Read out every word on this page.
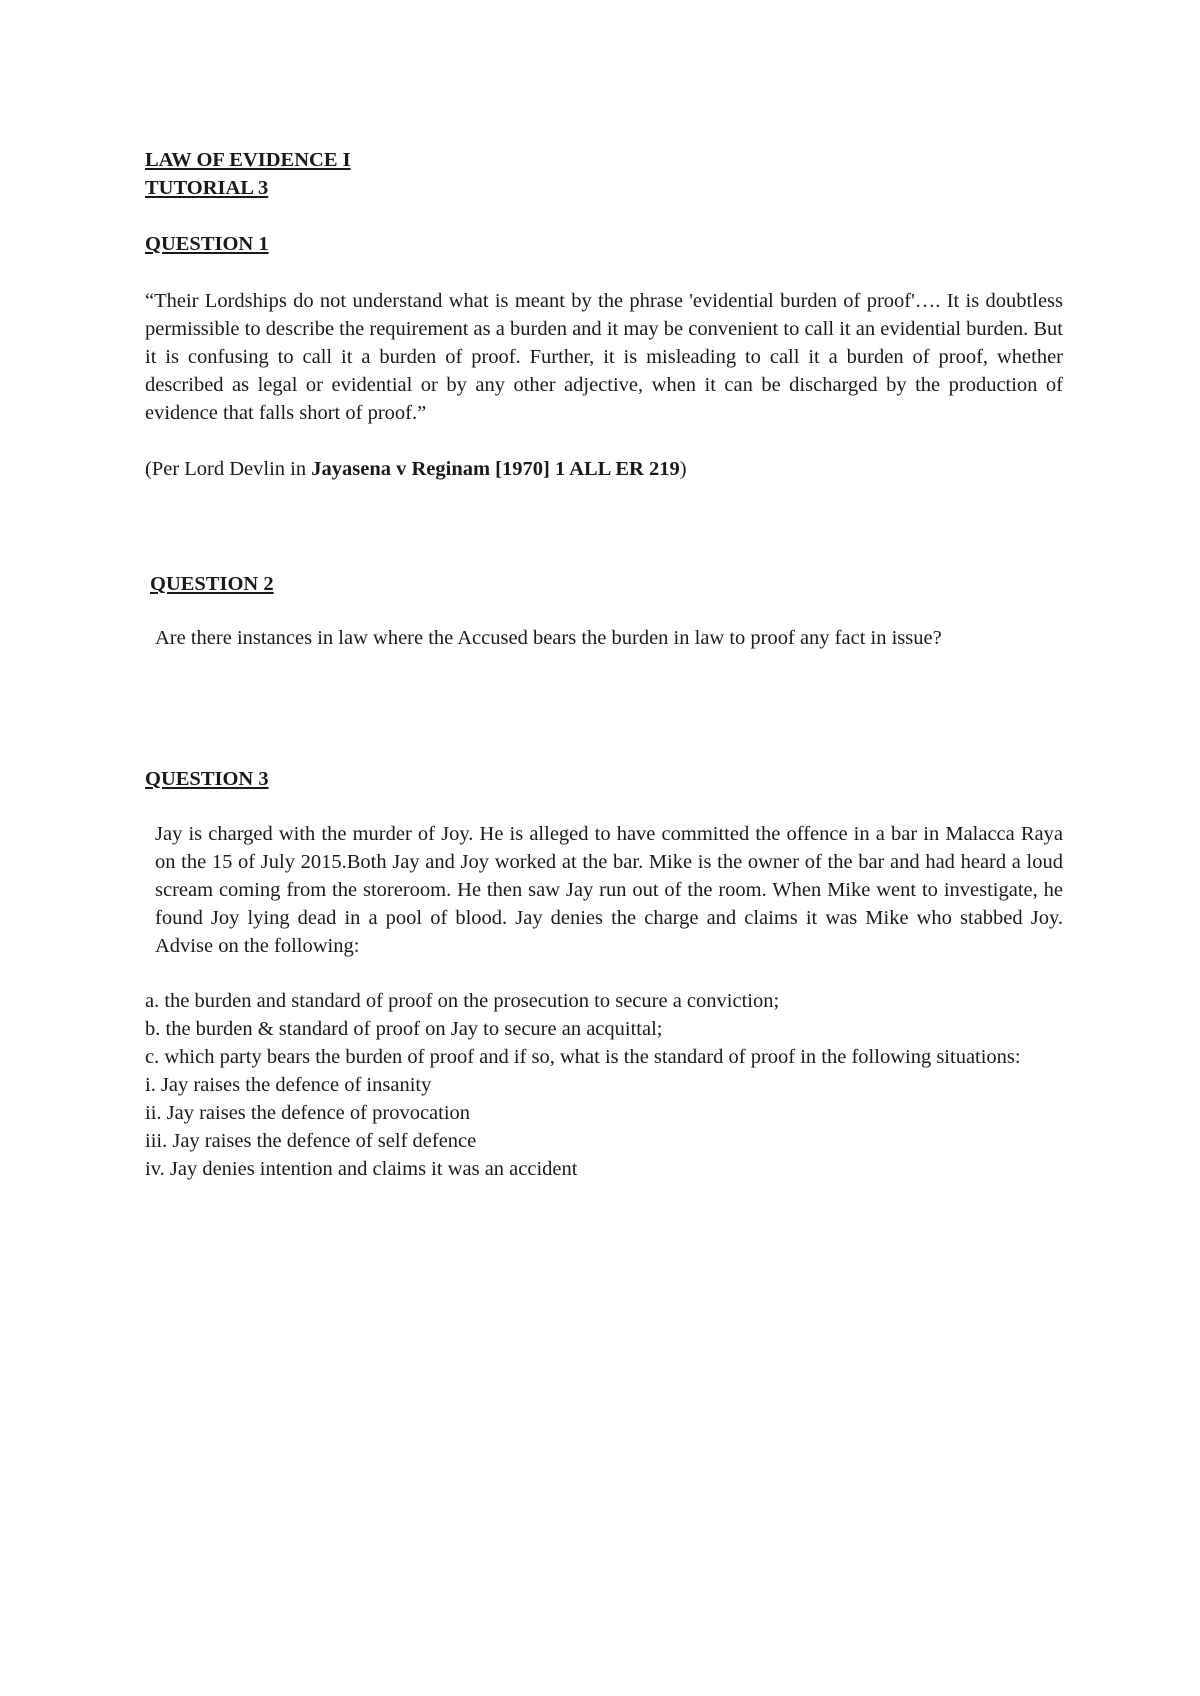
LAW OF EVIDENCE I

TUTORIAL 3

QUESTION 1

“Their Lordships do not understand what is meant by the phrase 'evidential burden of proof'…. It is doubtless permissible to describe the requirement as a burden and it may be convenient to call it an evidential burden. But it is confusing to call it a burden of proof. Further, it is misleading to call it a burden of proof, whether described as legal or evidential or by any other adjective, when it can be discharged by the production of evidence that falls short of proof.”

(Per Lord Devlin in Jayasena v Reginam [1970] 1 ALL ER 219)

QUESTION 2

Are there instances in law where the Accused bears the burden in law to proof any fact in issue?

QUESTION 3

Jay is charged with the murder of Joy. He is alleged to have committed the offence in a bar in Malacca Raya on the 15 of July 2015.Both Jay and Joy worked at the bar. Mike is the owner of the bar and had heard a loud scream coming from the storeroom. He then saw Jay run out of the room. When Mike went to investigate, he found Joy lying dead in a pool of blood. Jay denies the charge and claims it was Mike who stabbed Joy. Advise on the following:

a. the burden and standard of proof on the prosecution to secure a conviction;

b. the burden & standard of proof on Jay to secure an acquittal;

c. which party bears the burden of proof and if so, what is the standard of proof in the following situations:

i. Jay raises the defence of insanity

ii. Jay raises the defence of provocation

iii. Jay raises the defence of self defence

iv. Jay denies intention and claims it was an accident
